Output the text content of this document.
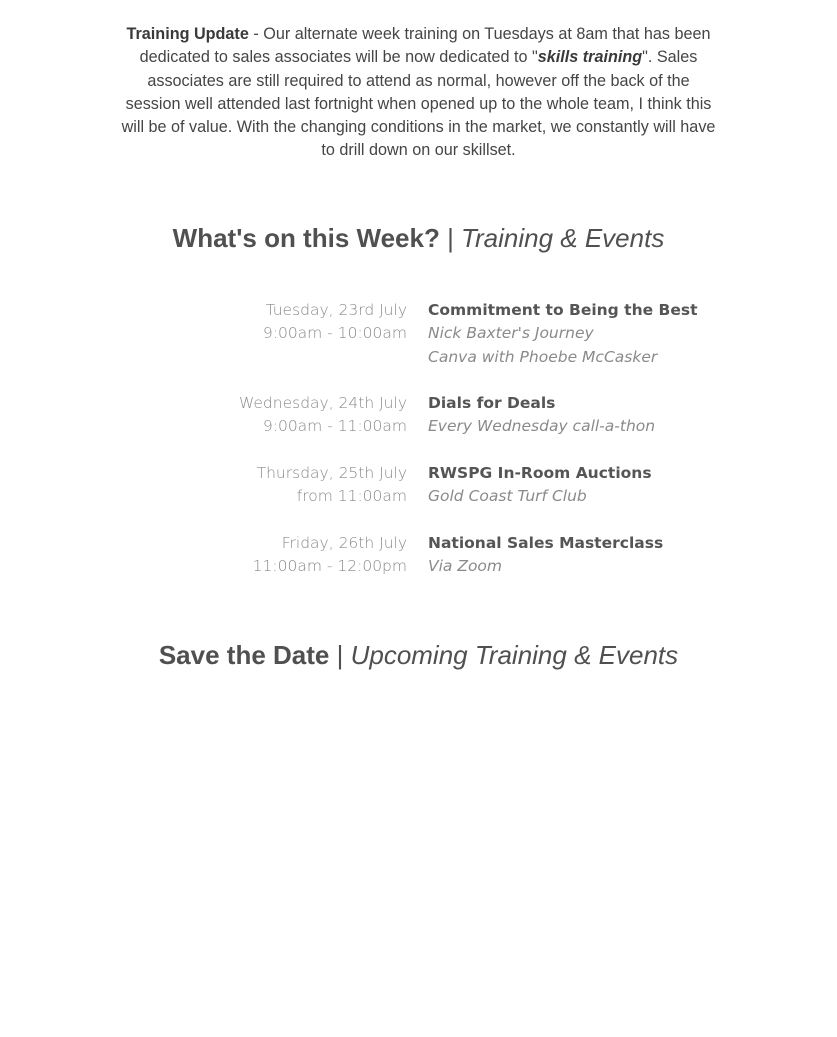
Training Update - Our alternate week training on Tuesdays at 8am that has been dedicated to sales associates will be now dedicated to "skills training". Sales associates are still required to attend as normal, however off the back of the session well attended last fortnight when opened up to the whole team, I think this will be of value. With the changing conditions in the market, we constantly will have to drill down on our skillset.
What's on this Week? | Training & Events
Tuesday, 23rd July
9:00am - 10:00am
Commitment to Being the Best
Nick Baxter's Journey
Canva with Phoebe McCasker
Wednesday, 24th July
9:00am - 11:00am
Dials for Deals
Every Wednesday call-a-thon
Thursday, 25th July
from 11:00am
RWSPG In-Room Auctions
Gold Coast Turf Club
Friday, 26th July
11:00am - 12:00pm
National Sales Masterclass
Via Zoom
Save the Date | Upcoming Training & Events
